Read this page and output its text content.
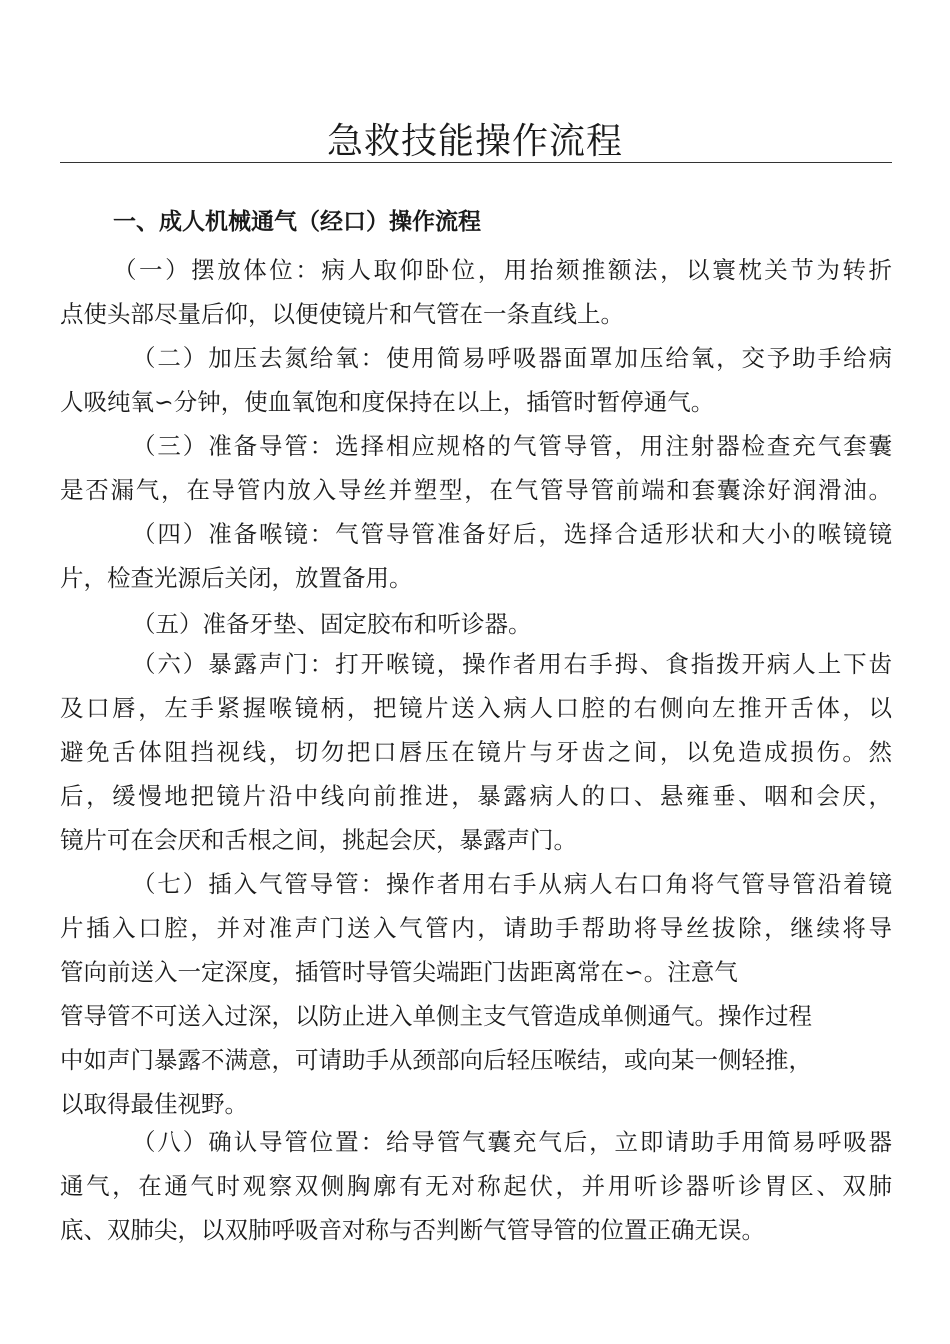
急救技能操作流程
一、成人机械通气（经口）操作流程
（一）摆放体位：病人取仰卧位，用抬颏推额法，以寰枕关节为转折
点使头部尽量后仰，以便使镜片和气管在一条直线上。
（二）加压去氮给氧：使用简易呼吸器面罩加压给氧，交予助手给病
人吸纯氧∽分钟，使血氧饱和度保持在以上，插管时暂停通气。
（三）准备导管：选择相应规格的气管导管，用注射器检查充气套囊
是否漏气，在导管内放入导丝并塑型，在气管导管前端和套囊涂好润滑油。
（四）准备喉镜：气管导管准备好后，选择合适形状和大小的喉镜镜
片，检查光源后关闭，放置备用。
（五）准备牙垫、固定胶布和听诊器。
（六）暴露声门：打开喉镜，操作者用右手拇、食指拨开病人上下齿
及口唇，左手紧握喉镜柄，把镜片送入病人口腔的右侧向左推开舌体，以
避免舌体阻挡视线，切勿把口唇压在镜片与牙齿之间，以免造成损伤。然
后，缓慢地把镜片沿中线向前推进，暴露病人的口、悬雍垂、咽和会厌，
镜片可在会厌和舌根之间，挑起会厌，暴露声门。
（七）插入气管导管：操作者用右手从病人右口角将气管导管沿着镜
片插入口腔，并对准声门送入气管内，请助手帮助将导丝拔除，继续将导
管向前送入一定深度，插管时导管尖端距门齿距离常在∽。注意气
管导管不可送入过深，以防止进入单侧主支气管造成单侧通气。操作过程
中如声门暴露不满意，可请助手从颈部向后轻压喉结，或向某一侧轻推，
以取得最佳视野。
（八）确认导管位置：给导管气囊充气后，立即请助手用简易呼吸器
通气，在通气时观察双侧胸廓有无对称起伏，并用听诊器听诊胃区、双肺
底、双肺尖，以双肺呼吸音对称与否判断气管导管的位置正确无误。
